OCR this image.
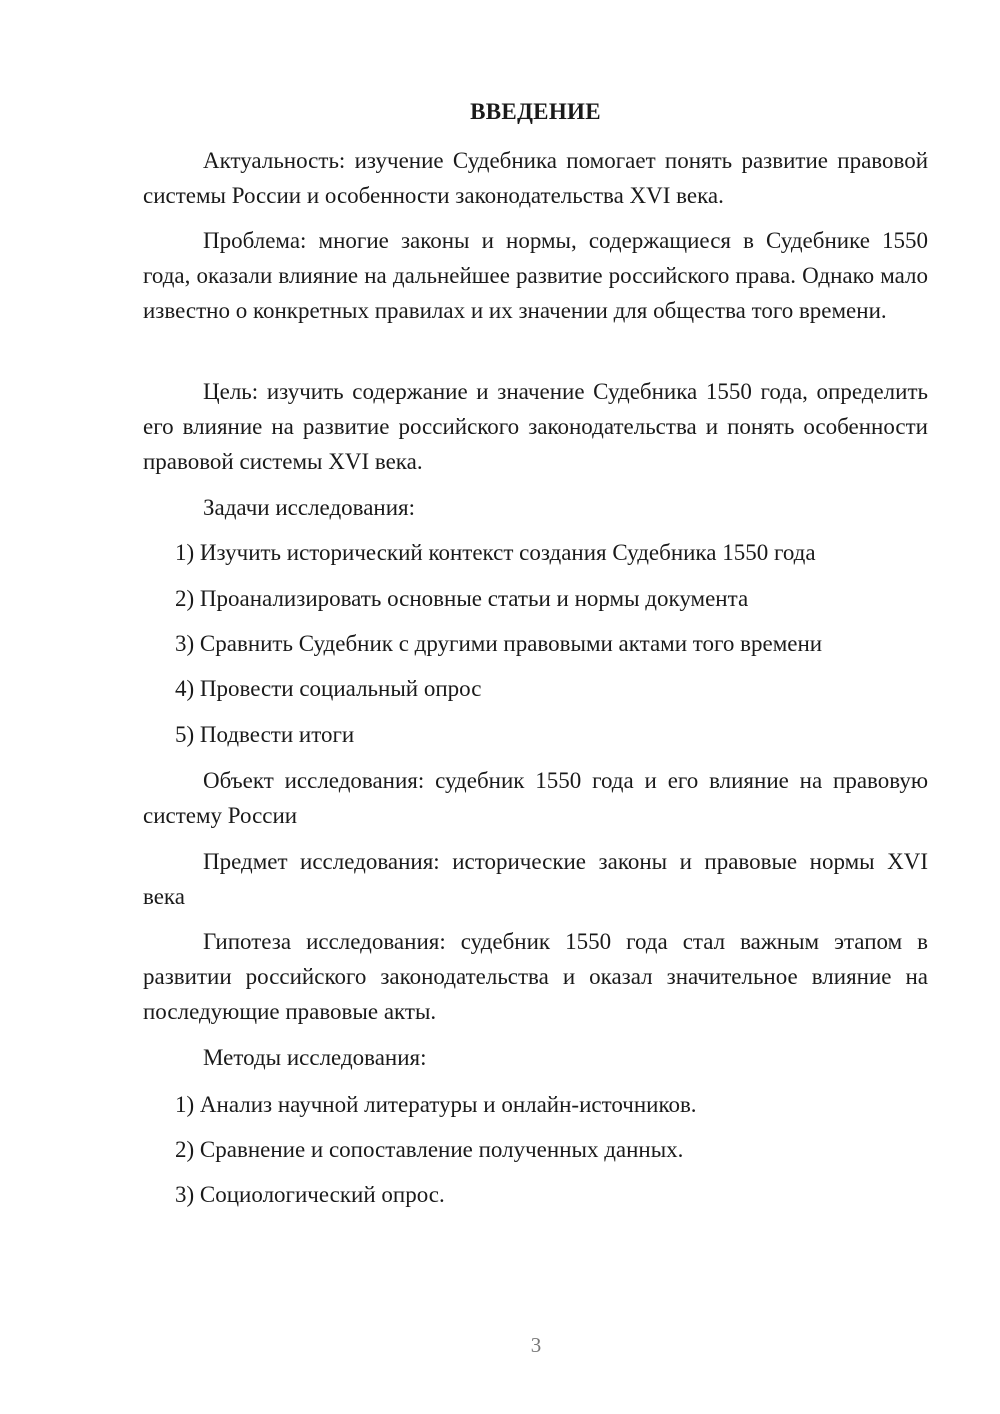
ВВЕДЕНИЕ

Актуальность: изучение Судебника помогает понять развитие правовой системы России и особенности законодательства XVI века.

Проблема: многие законы и нормы, содержащиеся в Судебнике 1550 года, оказали влияние на дальнейшее развитие российского права. Однако мало известно о конкретных правилах и их значении для общества того времени.

Цель: изучить содержание и значение Судебника 1550 года, определить его влияние на развитие российского законодательства и понять особенности правовой системы XVI века.

Задачи исследования:

1) Изучить исторический контекст создания Судебника 1550 года

2) Проанализировать основные статьи и нормы документа

3) Сравнить Судебник с другими правовыми актами того времени

4) Провести социальный опрос

5) Подвести итоги

Объект исследования: судебник 1550 года и его влияние на правовую систему России

Предмет исследования: исторические законы и правовые нормы XVI века

Гипотеза исследования: судебник 1550 года стал важным этапом в развитии российского законодательства и оказал значительное влияние на последующие правовые акты.

Методы исследования:

1) Анализ научной литературы и онлайн-источников.

2) Сравнение и сопоставление полученных данных.

3) Социологический опрос.

3
